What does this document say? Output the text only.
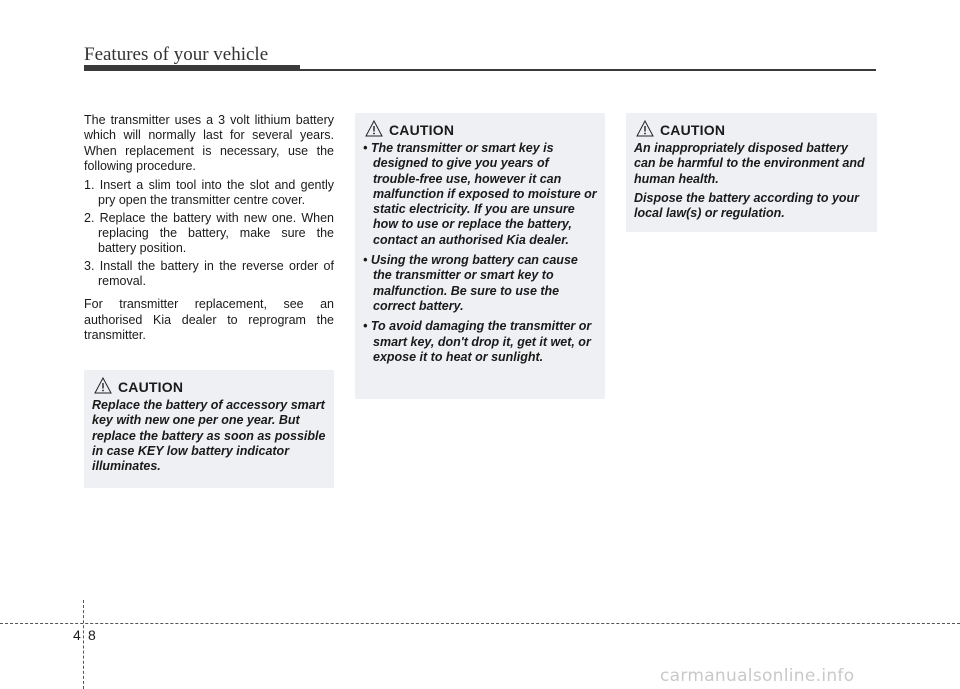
Features of your vehicle

The transmitter uses a 3 volt lithium battery which will normally last for several years. When replacement is necessary, use the following procedure.

1. Insert a slim tool into the slot and gently pry open the transmitter centre cover.
2. Replace the battery with new one. When replacing the battery, make sure the battery position.
3. Install the battery in the reverse order of removal.

For transmitter replacement, see an authorised Kia dealer to reprogram the transmitter.

CAUTION

Replace the battery of accessory smart key with new one per one year. But replace the battery as soon as possible in case KEY low battery indicator illuminates.

CAUTION
• The transmitter or smart key is designed to give you years of trouble-free use, however it can malfunction if exposed to moisture or static electricity. If you are unsure how to use or replace the battery, contact an authorised Kia dealer.
• Using the wrong battery can cause the transmitter or smart key to malfunction. Be sure to use the correct battery.
• To avoid damaging the transmitter or smart key, don't drop it, get it wet, or expose it to heat or sunlight.
CAUTION

An inappropriately disposed battery can be harmful to the environment and human health.

Dispose the battery according to your local law(s) or regulation.

4 8
carmanualsonline.info
